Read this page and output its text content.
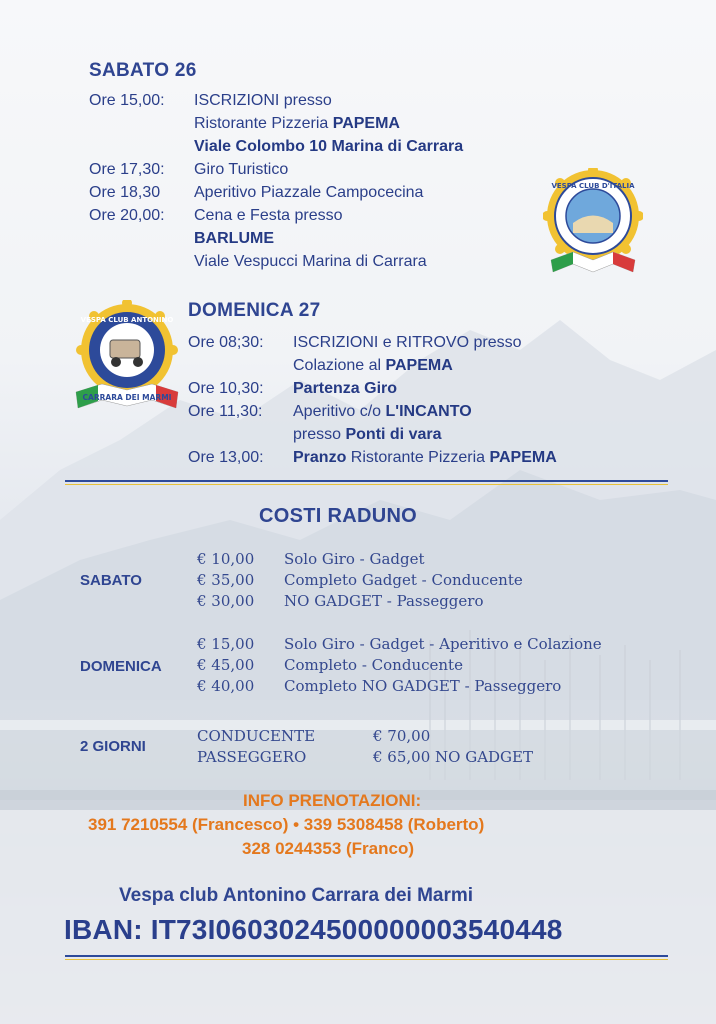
SABATO 26
Ore 15,00: ISCRIZIONI presso
Ristorante Pizzeria PAPEMA
Viale Colombo 10 Marina di Carrara
Ore 17,30: Giro Turistico
Ore 18,30 Aperitivo Piazzale Campocecina
Ore 20,00: Cena e Festa presso
BARLUME
Viale Vespucci Marina di Carrara
VESPA CLUB D'ITALIA
DOMENICA 27
Ore 08;30: ISCRIZIONI e RITROVO presso
Colazione al PAPEMA
Ore 10,30: Partenza Giro
Ore 11,30: Aperitivo c/o L'INCANTO
presso Ponti di vara
Ore 13,00: Pranzo Ristorante Pizzeria PAPEMA
VESPA CLUB ANTONINO
CARRARA DEI MARMI
COSTI RADUNO
SABATO
€ 10,00 Solo Giro - Gadget
€ 35,00 Completo Gadget - Conducente
€ 30,00 NO GADGET - Passeggero
DOMENICA
€ 15,00 Solo Giro - Gadget - Aperitivo e Colazione
€ 45,00 Completo - Conducente
€ 40,00 Completo NO GADGET - Passeggero
2 GIORNI
CONDUCENTE	€ 70,00
PASSEGGERO	€ 65,00 NO GADGET
INFO PRENOTAZIONI:
391 7210554 (Francesco) • 339 5308458 (Roberto)
328 0244353 (Franco)
Vespa club Antonino Carrara dei Marmi
IBAN: IT73I0603024500000003540448
